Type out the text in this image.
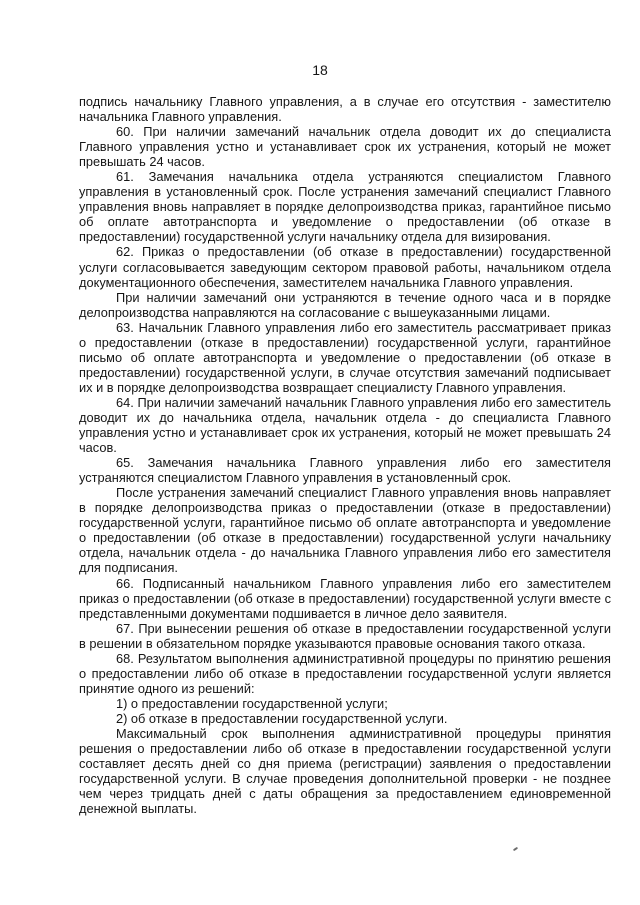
18

подпись начальнику Главного управления, а в случае его отсутствия - заместителю начальника Главного управления.

60. При наличии замечаний начальник отдела доводит их до специалиста Главного управления устно и устанавливает срок их устранения, который не может превышать 24 часов.

61. Замечания начальника отдела устраняются специалистом Главного управления в установленный срок. После устранения замечаний специалист Главного управления вновь направляет в порядке делопроизводства приказ, гарантийное письмо об оплате автотранспорта и уведомление о предоставлении (об отказе в предоставлении) государственной услуги начальнику отдела для визирования.

62. Приказ о предоставлении (об отказе в предоставлении) государственной услуги согласовывается заведующим сектором правовой работы, начальником отдела документационного обеспечения, заместителем начальника Главного управления.

При наличии замечаний они устраняются в течение одного часа и в порядке делопроизводства направляются на согласование с вышеуказанными лицами.

63. Начальник Главного управления либо его заместитель рассматривает приказ о предоставлении (отказе в предоставлении) государственной услуги, гарантийное письмо об оплате автотранспорта и уведомление о предоставлении (об отказе в предоставлении) государственной услуги, в случае отсутствия замечаний подписывает их и в порядке делопроизводства возвращает специалисту Главного управления.

64. При наличии замечаний начальник Главного управления либо его заместитель доводит их до начальника отдела, начальник отдела - до специалиста Главного управления устно и устанавливает срок их устранения, который не может превышать 24 часов.

65. Замечания начальника Главного управления либо его заместителя устраняются специалистом Главного управления в установленный срок.

После устранения замечаний специалист Главного управления вновь направляет в порядке делопроизводства приказ о предоставлении (отказе в предоставлении) государственной услуги, гарантийное письмо об оплате автотранспорта и уведомление о предоставлении (об отказе в предоставлении) государственной услуги начальнику отдела, начальник отдела - до начальника Главного управления либо его заместителя для подписания.

66. Подписанный начальником Главного управления либо его заместителем приказ о предоставлении (об отказе в предоставлении) государственной услуги вместе с представленными документами подшивается в личное дело заявителя.

67. При вынесении решения об отказе в предоставлении государственной услуги в решении в обязательном порядке указываются правовые основания такого отказа.

68. Результатом выполнения административной процедуры по принятию решения о предоставлении либо об отказе в предоставлении государственной услуги является принятие одного из решений:

1) о предоставлении государственной услуги;

2) об отказе в предоставлении государственной услуги.

Максимальный срок выполнения административной процедуры принятия решения о предоставлении либо об отказе в предоставлении государственной услуги составляет десять дней со дня приема (регистрации) заявления о предоставлении государственной услуги. В случае проведения дополнительной проверки - не позднее чем через тридцать дней с даты обращения за предоставлением единовременной денежной выплаты.
